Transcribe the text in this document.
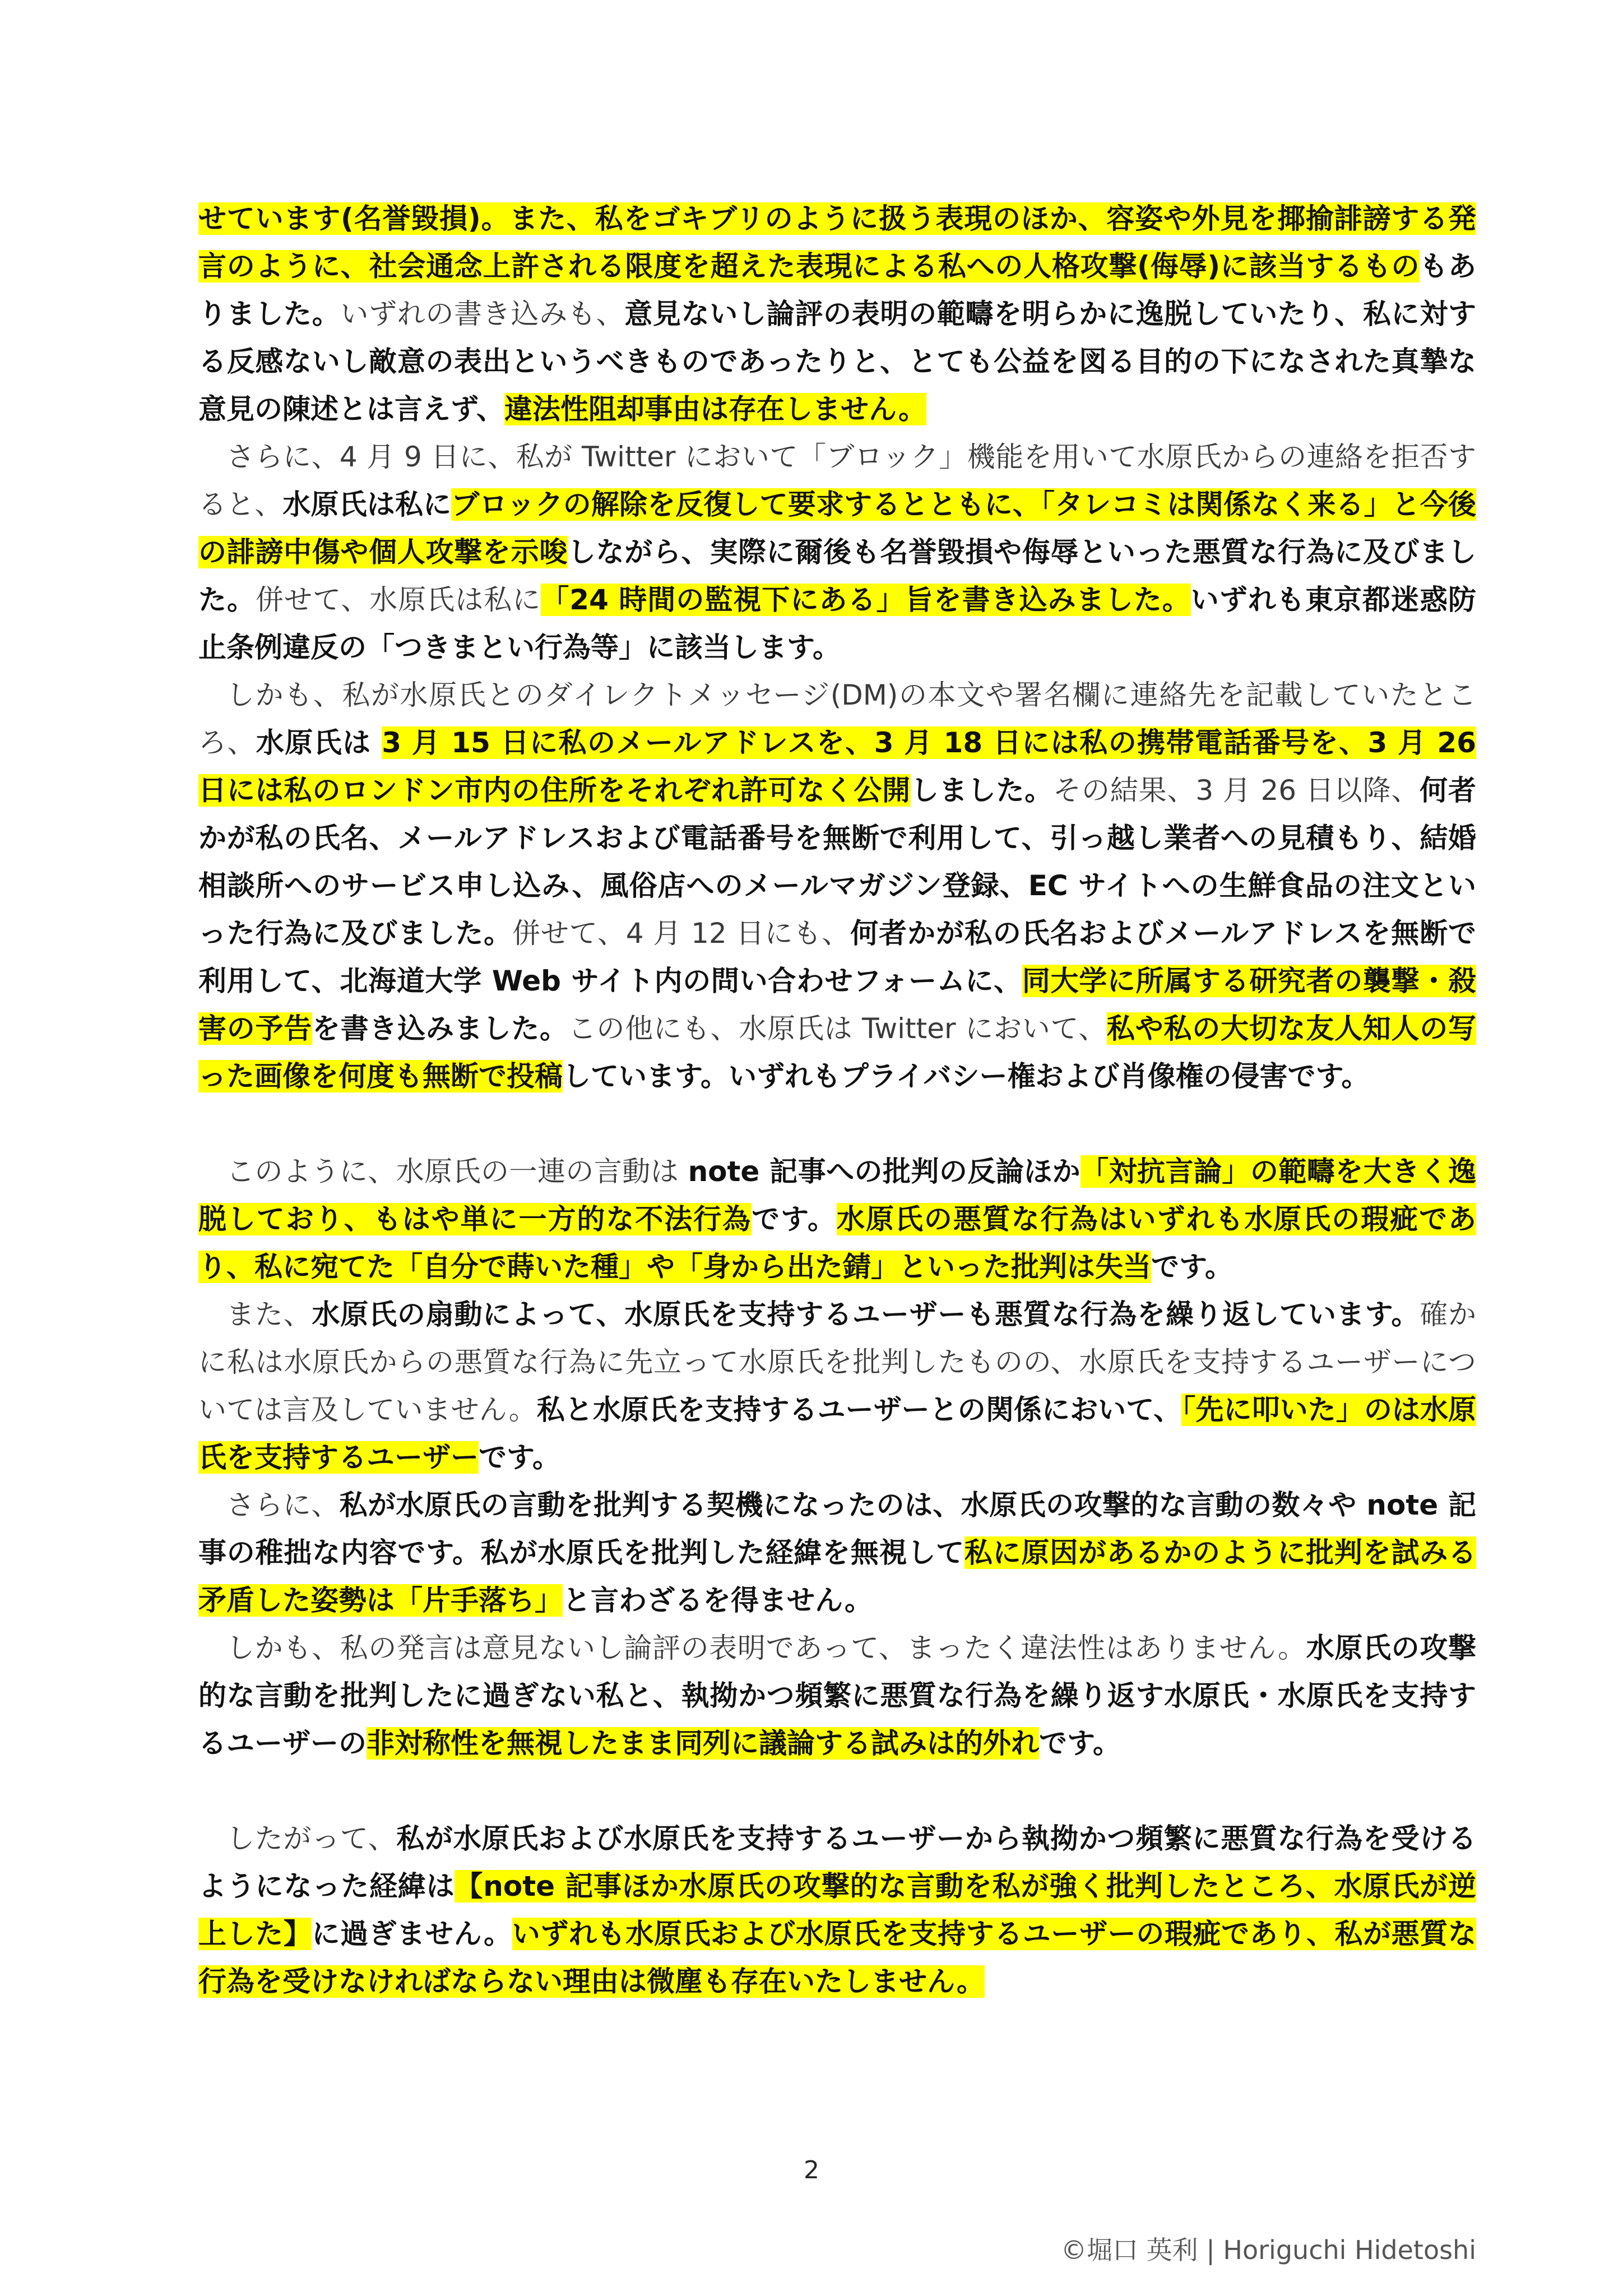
せています(名誉毀損)。また、私をゴキブリのように扱う表現のほか、容姿や外見を揶揄誹謗する発言のように、社会通念上許される限度を超えた表現による私への人格攻撃(侮辱)に該当するものもありました。いずれの書き込みも、意見ないし論評の表明の範疇を明らかに逸脱していたり、私に対する反感ないし敵意の表出というべきものであったりと、とても公益を図る目的の下になされた真摯な意見の陳述とは言えず、違法性阻却事由は存在しません。

さらに、4 月 9 日に、私が Twitter において「ブロック」機能を用いて水原氏からの連絡を拒否すると、水原氏は私にブロックの解除を反復して要求するとともに、「タレコミは関係なく来る」と今後の誹謗中傷や個人攻撃を示唆しながら、実際に爾後も名誉毀損や侮辱といった悪質な行為に及びました。併せて、水原氏は私に「24 時間の監視下にある」旨を書き込みました。いずれも東京都迷惑防止条例違反の「つきまとい行為等」に該当します。

しかも、私が水原氏とのダイレクトメッセージ(DM)の本文や署名欄に連絡先を記載していたところ、水原氏は 3 月 15 日に私のメールアドレスを、3 月 18 日には私の携帯電話番号を、3 月 26 日には私のロンドン市内の住所をそれぞれ許可なく公開しました。その結果、3 月 26 日以降、何者かが私の氏名、メールアドレスおよび電話番号を無断で利用して、引っ越し業者への見積もり、結婚相談所へのサービス申し込み、風俗店へのメールマガジン登録、EC サイトへの生鮮食品の注文といった行為に及びました。併せて、4 月 12 日にも、何者かが私の氏名およびメールアドレスを無断で利用して、北海道大学 Web サイト内の問い合わせフォームに、同大学に所属する研究者の襲撃・殺害の予告を書き込みました。この他にも、水原氏は Twitter において、私や私の大切な友人知人の写った画像を何度も無断で投稿しています。いずれもプライバシー権および肖像権の侵害です。

このように、水原氏の一連の言動は note 記事への批判の反論ほか「対抗言論」の範疇を大きく逸脱しており、もはや単に一方的な不法行為です。水原氏の悪質な行為はいずれも水原氏の瑕疵であり、私に宛てた「自分で蒔いた種」や「身から出た錆」といった批判は失当です。

また、水原氏の扇動によって、水原氏を支持するユーザーも悪質な行為を繰り返しています。確かに私は水原氏からの悪質な行為に先立って水原氏を批判したものの、水原氏を支持するユーザーについては言及していません。私と水原氏を支持するユーザーとの関係において、「先に叩いた」のは水原氏を支持するユーザーです。

さらに、私が水原氏の言動を批判する契機になったのは、水原氏の攻撃的な言動の数々や note 記事の稚拙な内容です。私が水原氏を批判した経緯を無視して私に原因があるかのように批判を試みる矛盾した姿勢は「片手落ち」と言わざるを得ません。

しかも、私の発言は意見ないし論評の表明であって、まったく違法性はありません。水原氏の攻撃的な言動を批判したに過ぎない私と、執拗かつ頻繁に悪質な行為を繰り返す水原氏・水原氏を支持するユーザーの非対称性を無視したまま同列に議論する試みは的外れです。

したがって、私が水原氏および水原氏を支持するユーザーから執拗かつ頻繁に悪質な行為を受けるようになった経緯は【note 記事ほか水原氏の攻撃的な言動を私が強く批判したところ、水原氏が逆上した】に過ぎません。いずれも水原氏および水原氏を支持するユーザーの瑕疵であり、私が悪質な行為を受けなければならない理由は微塵も存在いたしません。

2
©堀口 英利 | Horiguchi Hidetoshi
